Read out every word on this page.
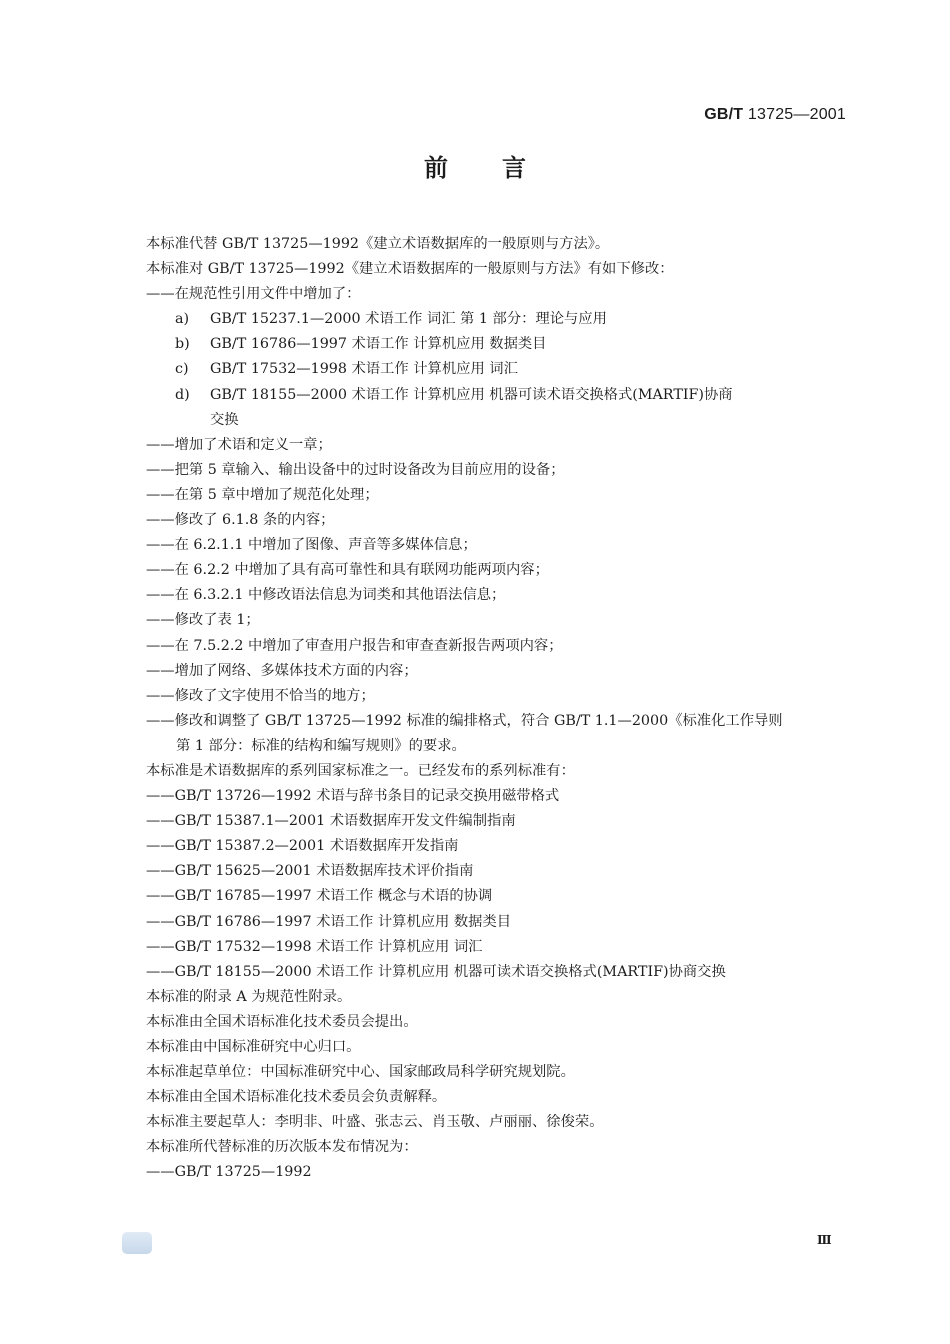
GB/T 13725—2001
前言

本标准代替 GB/T 13725—1992《建立术语数据库的一般原则与方法》。

本标准对 GB/T 13725—1992《建立术语数据库的一般原则与方法》有如下修改：

——在规范性引用文件中增加了：

a)	GB/T 15237.1—2000 术语工作 词汇 第 1 部分：理论与应用
b)	GB/T 16786—1997 术语工作 计算机应用 数据类目
c)	GB/T 17532—1998 术语工作 计算机应用 词汇
d)	GB/T 18155—2000 术语工作 计算机应用 机器可读术语交换格式(MARTIF)协商
交换

——增加了术语和定义一章；

——把第 5 章输入、输出设备中的过时设备改为目前应用的设备；

——在第 5 章中增加了规范化处理；

——修改了 6.1.8 条的内容；

——在 6.2.1.1 中增加了图像、声音等多媒体信息；

——在 6.2.2 中增加了具有高可靠性和具有联网功能两项内容；

——在 6.3.2.1 中修改语法信息为词类和其他语法信息；

——修改了表 1；

——在 7.5.2.2 中增加了审查用户报告和审查查新报告两项内容；

——增加了网络、多媒体技术方面的内容；

——修改了文字使用不恰当的地方；

——修改和调整了 GB/T 13725—1992 标准的编排格式，符合 GB/T 1.1—2000《标准化工作导则

第 1 部分：标准的结构和编写规则》的要求。

本标准是术语数据库的系列国家标准之一。已经发布的系列标准有：

——GB/T 13726—1992 术语与辞书条目的记录交换用磁带格式

——GB/T 15387.1—2001 术语数据库开发文件编制指南

——GB/T 15387.2—2001 术语数据库开发指南

——GB/T 15625—2001 术语数据库技术评价指南

——GB/T 16785—1997 术语工作 概念与术语的协调

——GB/T 16786—1997 术语工作 计算机应用 数据类目

——GB/T 17532—1998 术语工作 计算机应用 词汇

——GB/T 18155—2000 术语工作 计算机应用 机器可读术语交换格式(MARTIF)协商交换

本标准的附录 A 为规范性附录。

本标准由全国术语标准化技术委员会提出。

本标准由中国标准研究中心归口。

本标准起草单位：中国标准研究中心、国家邮政局科学研究规划院。

本标准由全国术语标准化技术委员会负责解释。

本标准主要起草人：李明非、叶盛、张志云、肖玉敬、卢丽丽、徐俊荣。

本标准所代替标准的历次版本发布情况为：

——GB/T 13725—1992

Ⅲ
